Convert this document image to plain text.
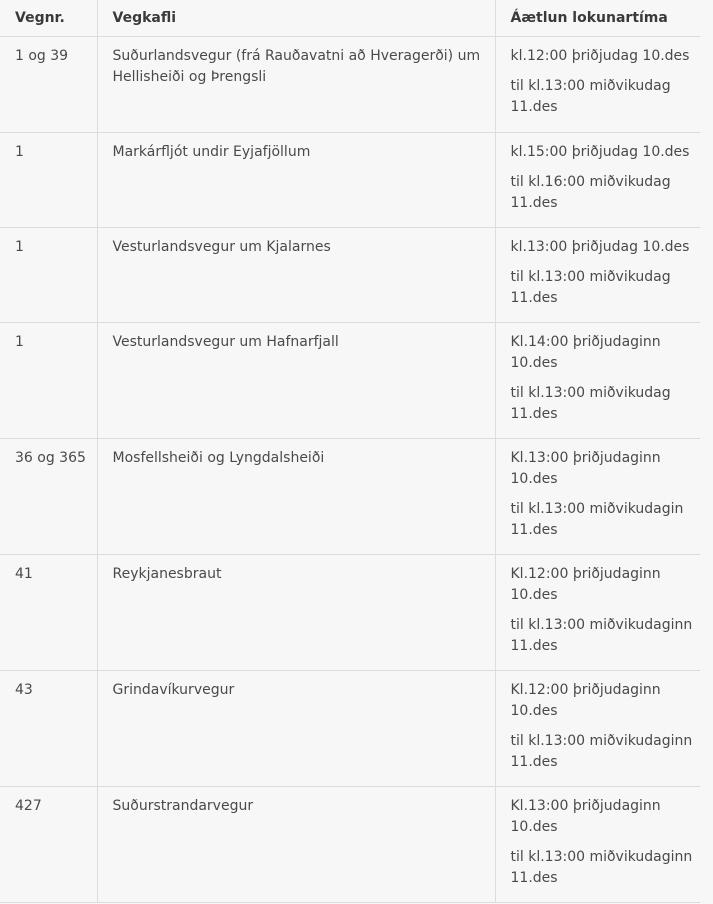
Vegnr.	Vegkafli	Áætlun lokunartíma
1 og 39	Suðurlandsvegur (frá Rauðavatni að Hveragerði) um Hellisheiði og Þrengsli	kl.12:00 þriðjudag 10.des

til kl.13:00 miðvikudag 11.des

1	Markárfljót undir Eyjafjöllum	kl.15:00 þriðjudag 10.des

til kl.16:00 miðvikudag 11.des

1	Vesturlandsvegur um Kjalarnes	kl.13:00 þriðjudag 10.des

til kl.13:00 miðvikudag 11.des

1	Vesturlandsvegur um Hafnarfjall	Kl.14:00 þriðjudaginn 10.des

til kl.13:00 miðvikudag 11.des

36 og 365	Mosfellsheiði og Lyngdalsheiði	Kl.13:00 þriðjudaginn 10.des

til kl.13:00 miðvikudagin 11.des

41	Reykjanesbraut	Kl.12:00 þriðjudaginn 10.des

til kl.13:00 miðvikudaginn 11.des

43	Grindavíkurvegur	Kl.12:00 þriðjudaginn 10.des

til kl.13:00 miðvikudaginn 11.des

427	Suðurstrandarvegur	Kl.13:00 þriðjudaginn 10.des

til kl.13:00 miðvikudaginn 11.des
